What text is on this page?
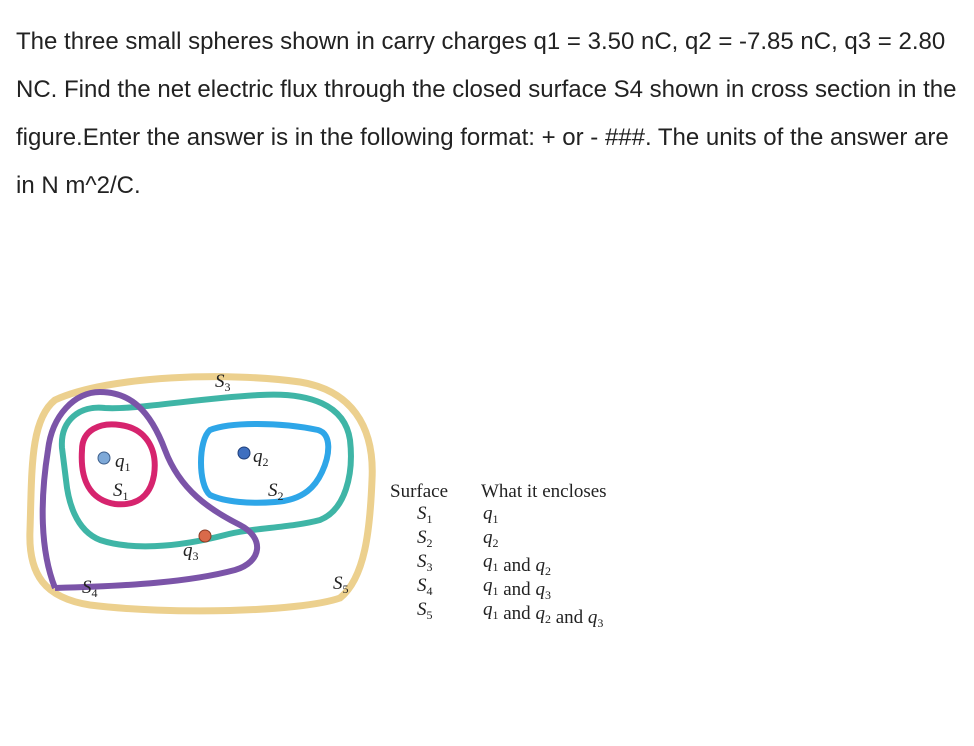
The three small spheres shown in carry charges q1 = 3.50 nC, q2 = -7.85 nC, q3 = 2.80 NC. Find the net electric flux through the closed surface S4 shown in cross section in the figure.Enter the answer is in the following format: + or - ###. The units of the answer are in N m^2/C.
$q_1$	$q_2$
$q_3$
$S_1$	$S_2$
$S_3$
$S_4$	$S_5$
Surface What it encloses
$S_1$	$q_1$
$S_2$	$q_2$
$S_3$	$q_1$ and $q_2$
$S_4$	$q_1$ and $q_3$
$S_5$	$q_1$ and $q_2$ and $q_3$
